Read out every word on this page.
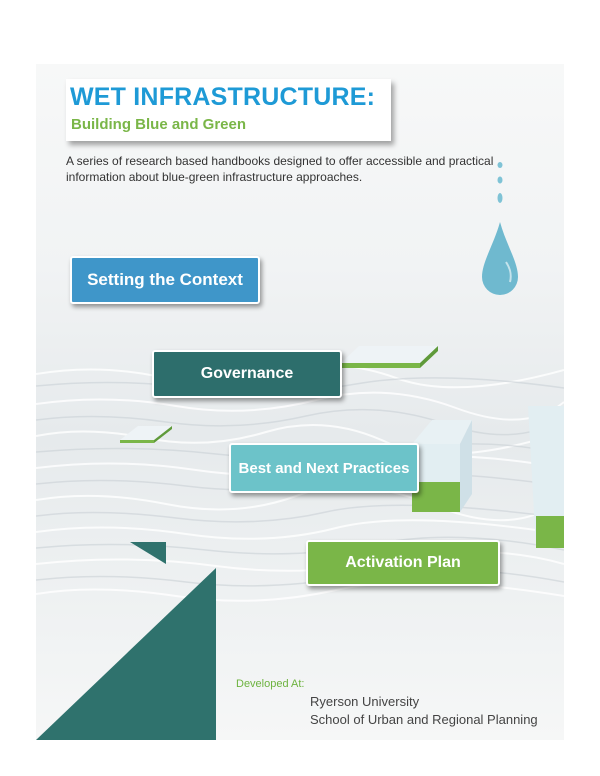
WET INFRASTRUCTURE:
Building Blue and Green
A series of research based handbooks designed to offer accessible and practical information about blue-green infrastructure approaches.
Setting the Context
Governance
Best and Next Practices
Activation Plan
Developed At:
Ryerson University
School of Urban and Regional Planning
